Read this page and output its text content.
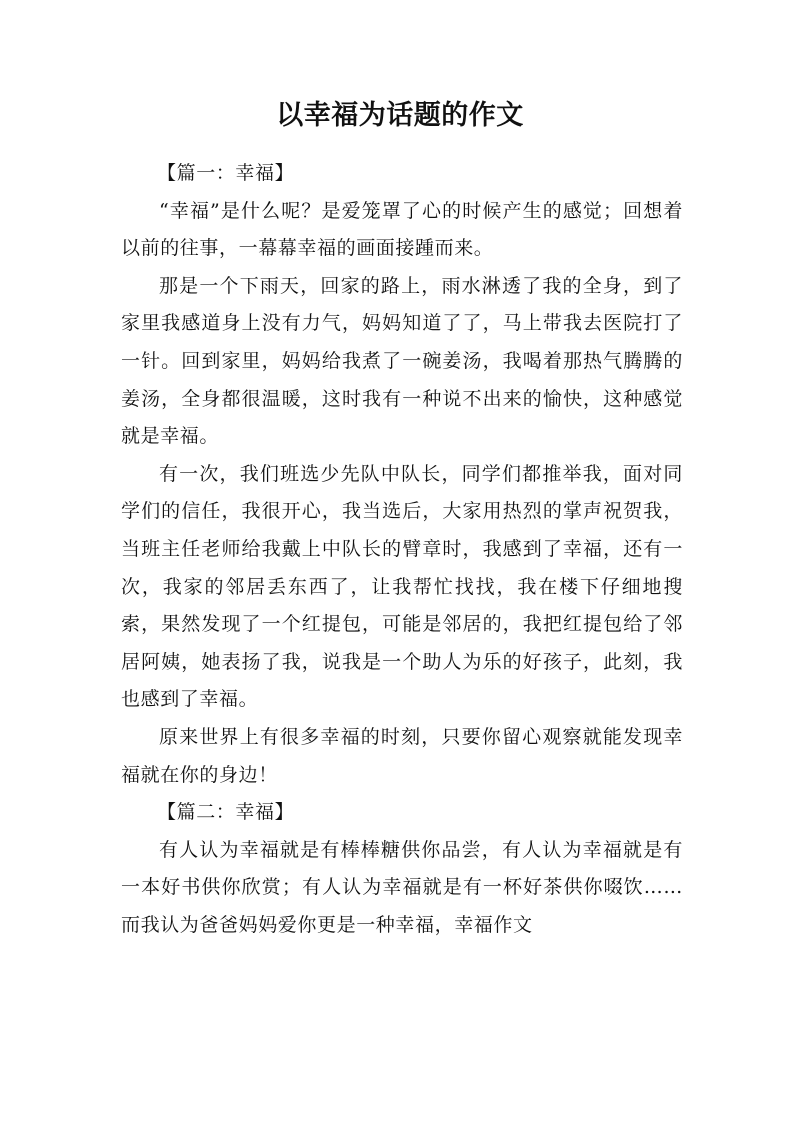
以幸福为话题的作文

【篇一：幸福】

“幸福”是什么呢？是爱笼罩了心的时候产生的感觉；回想着以前的往事，一幕幕幸福的画面接踵而来。

那是一个下雨天，回家的路上，雨水淋透了我的全身，到了家里我感道身上没有力气，妈妈知道了了，马上带我去医院打了一针。回到家里，妈妈给我煮了一碗姜汤，我喝着那热气腾腾的姜汤，全身都很温暖，这时我有一种说不出来的愉快，这种感觉就是幸福。

有一次，我们班选少先队中队长，同学们都推举我，面对同学们的信任，我很开心，我当选后，大家用热烈的掌声祝贺我，当班主任老师给我戴上中队长的臂章时，我感到了幸福，还有一次，我家的邻居丢东西了，让我帮忙找找，我在楼下仔细地搜索，果然发现了一个红提包，可能是邻居的，我把红提包给了邻居阿姨，她表扬了我，说我是一个助人为乐的好孩子，此刻，我也感到了幸福。

原来世界上有很多幸福的时刻，只要你留心观察就能发现幸福就在你的身边！

【篇二：幸福】

有人认为幸福就是有棒棒糖供你品尝，有人认为幸福就是有一本好书供你欣赏；有人认为幸福就是有一杯好茶供你啜饮……而我认为爸爸妈妈爱你更是一种幸福，幸福作文
